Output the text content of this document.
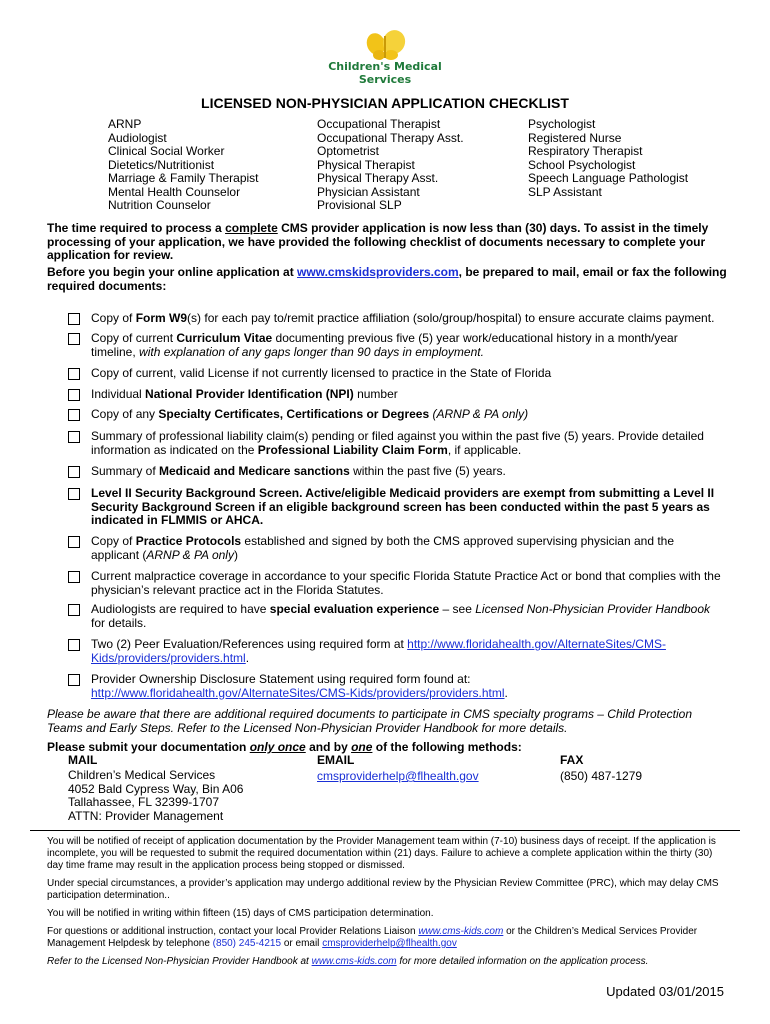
Children's Medical
Services
LICENSED NON-PHYSICIAN APPLICATION CHECKLIST
ARNP
Audiologist
Clinical Social Worker
Dietetics/Nutritionist
Marriage & Family Therapist
Mental Health Counselor
Nutrition Counselor
Occupational Therapist
Occupational Therapy Asst.
Optometrist
Physical Therapist
Physical Therapy Asst.
Physician Assistant
Provisional SLP
Psychologist
Registered Nurse
Respiratory Therapist
School Psychologist
Speech Language Pathologist
SLP Assistant
The time required to process a complete CMS provider application is now less than (30) days. To assist in the timely processing of your application, we have provided the following checklist of documents necessary to complete your application for review.
Before you begin your online application at www.cmskidsproviders.com, be prepared to mail, email or fax the following required documents:
Copy of Form W9(s) for each pay to/remit practice affiliation (solo/group/hospital) to ensure accurate claims payment.
Copy of current Curriculum Vitae documenting previous five (5) year work/educational history in a month/year timeline, with explanation of any gaps longer than 90 days in employment.
Copy of current, valid License if not currently licensed to practice in the State of Florida
Individual National Provider Identification (NPI) number
Copy of any Specialty Certificates, Certifications or Degrees (ARNP & PA only)
Summary of professional liability claim(s) pending or filed against you within the past five (5) years. Provide detailed information as indicated on the Professional Liability Claim Form, if applicable.
Summary of Medicaid and Medicare sanctions within the past five (5) years.
Level II Security Background Screen. Active/eligible Medicaid providers are exempt from submitting a Level II Security Background Screen if an eligible background screen has been conducted within the past 5 years as indicated in FLMMIS or AHCA.
Copy of Practice Protocols established and signed by both the CMS approved supervising physician and the applicant (ARNP & PA only)
Current malpractice coverage in accordance to your specific Florida Statute Practice Act or bond that complies with the physician’s relevant practice act in the Florida Statutes.
Audiologists are required to have special evaluation experience – see Licensed Non-Physician Provider Handbook for details.
Two (2) Peer Evaluation/References using required form at http://www.floridahealth.gov/AlternateSites/CMS-Kids/providers/providers.html.
Provider Ownership Disclosure Statement using required form found at: http://www.floridahealth.gov/AlternateSites/CMS-Kids/providers/providers.html.
Please be aware that there are additional required documents to participate in CMS specialty programs – Child Protection Teams and Early Steps. Refer to the Licensed Non-Physician Provider Handbook for more details.
Please submit your documentation only once and by one of the following methods:
MAIL	EMAIL	FAX
Children’s Medical Services
4052 Bald Cypress Way, Bin A06
Tallahassee, FL 32399-1707
ATTN: Provider Management
cmsproviderhelp@flhealth.gov	(850) 487-1279

You will be notified of receipt of application documentation by the Provider Management team within (7-10) business days of receipt. If the application is incomplete, you will be requested to submit the required documentation within (21) days. Failure to achieve a complete application within the thirty (30) day time frame may result in the application process being stopped or dismissed.

Under special circumstances, a provider’s application may undergo additional review by the Physician Review Committee (PRC), which may delay CMS participation determination..

You will be notified in writing within fifteen (15) days of CMS participation determination.

For questions or additional instruction, contact your local Provider Relations Liaison www.cms-kids.com or the Children’s Medical Services Provider Management Helpdesk by telephone (850) 245-4215 or email cmsproviderhelp@flhealth.gov

Refer to the Licensed Non-Physician Provider Handbook at www.cms-kids.com for more detailed information on the application process.

Updated 03/01/2015
